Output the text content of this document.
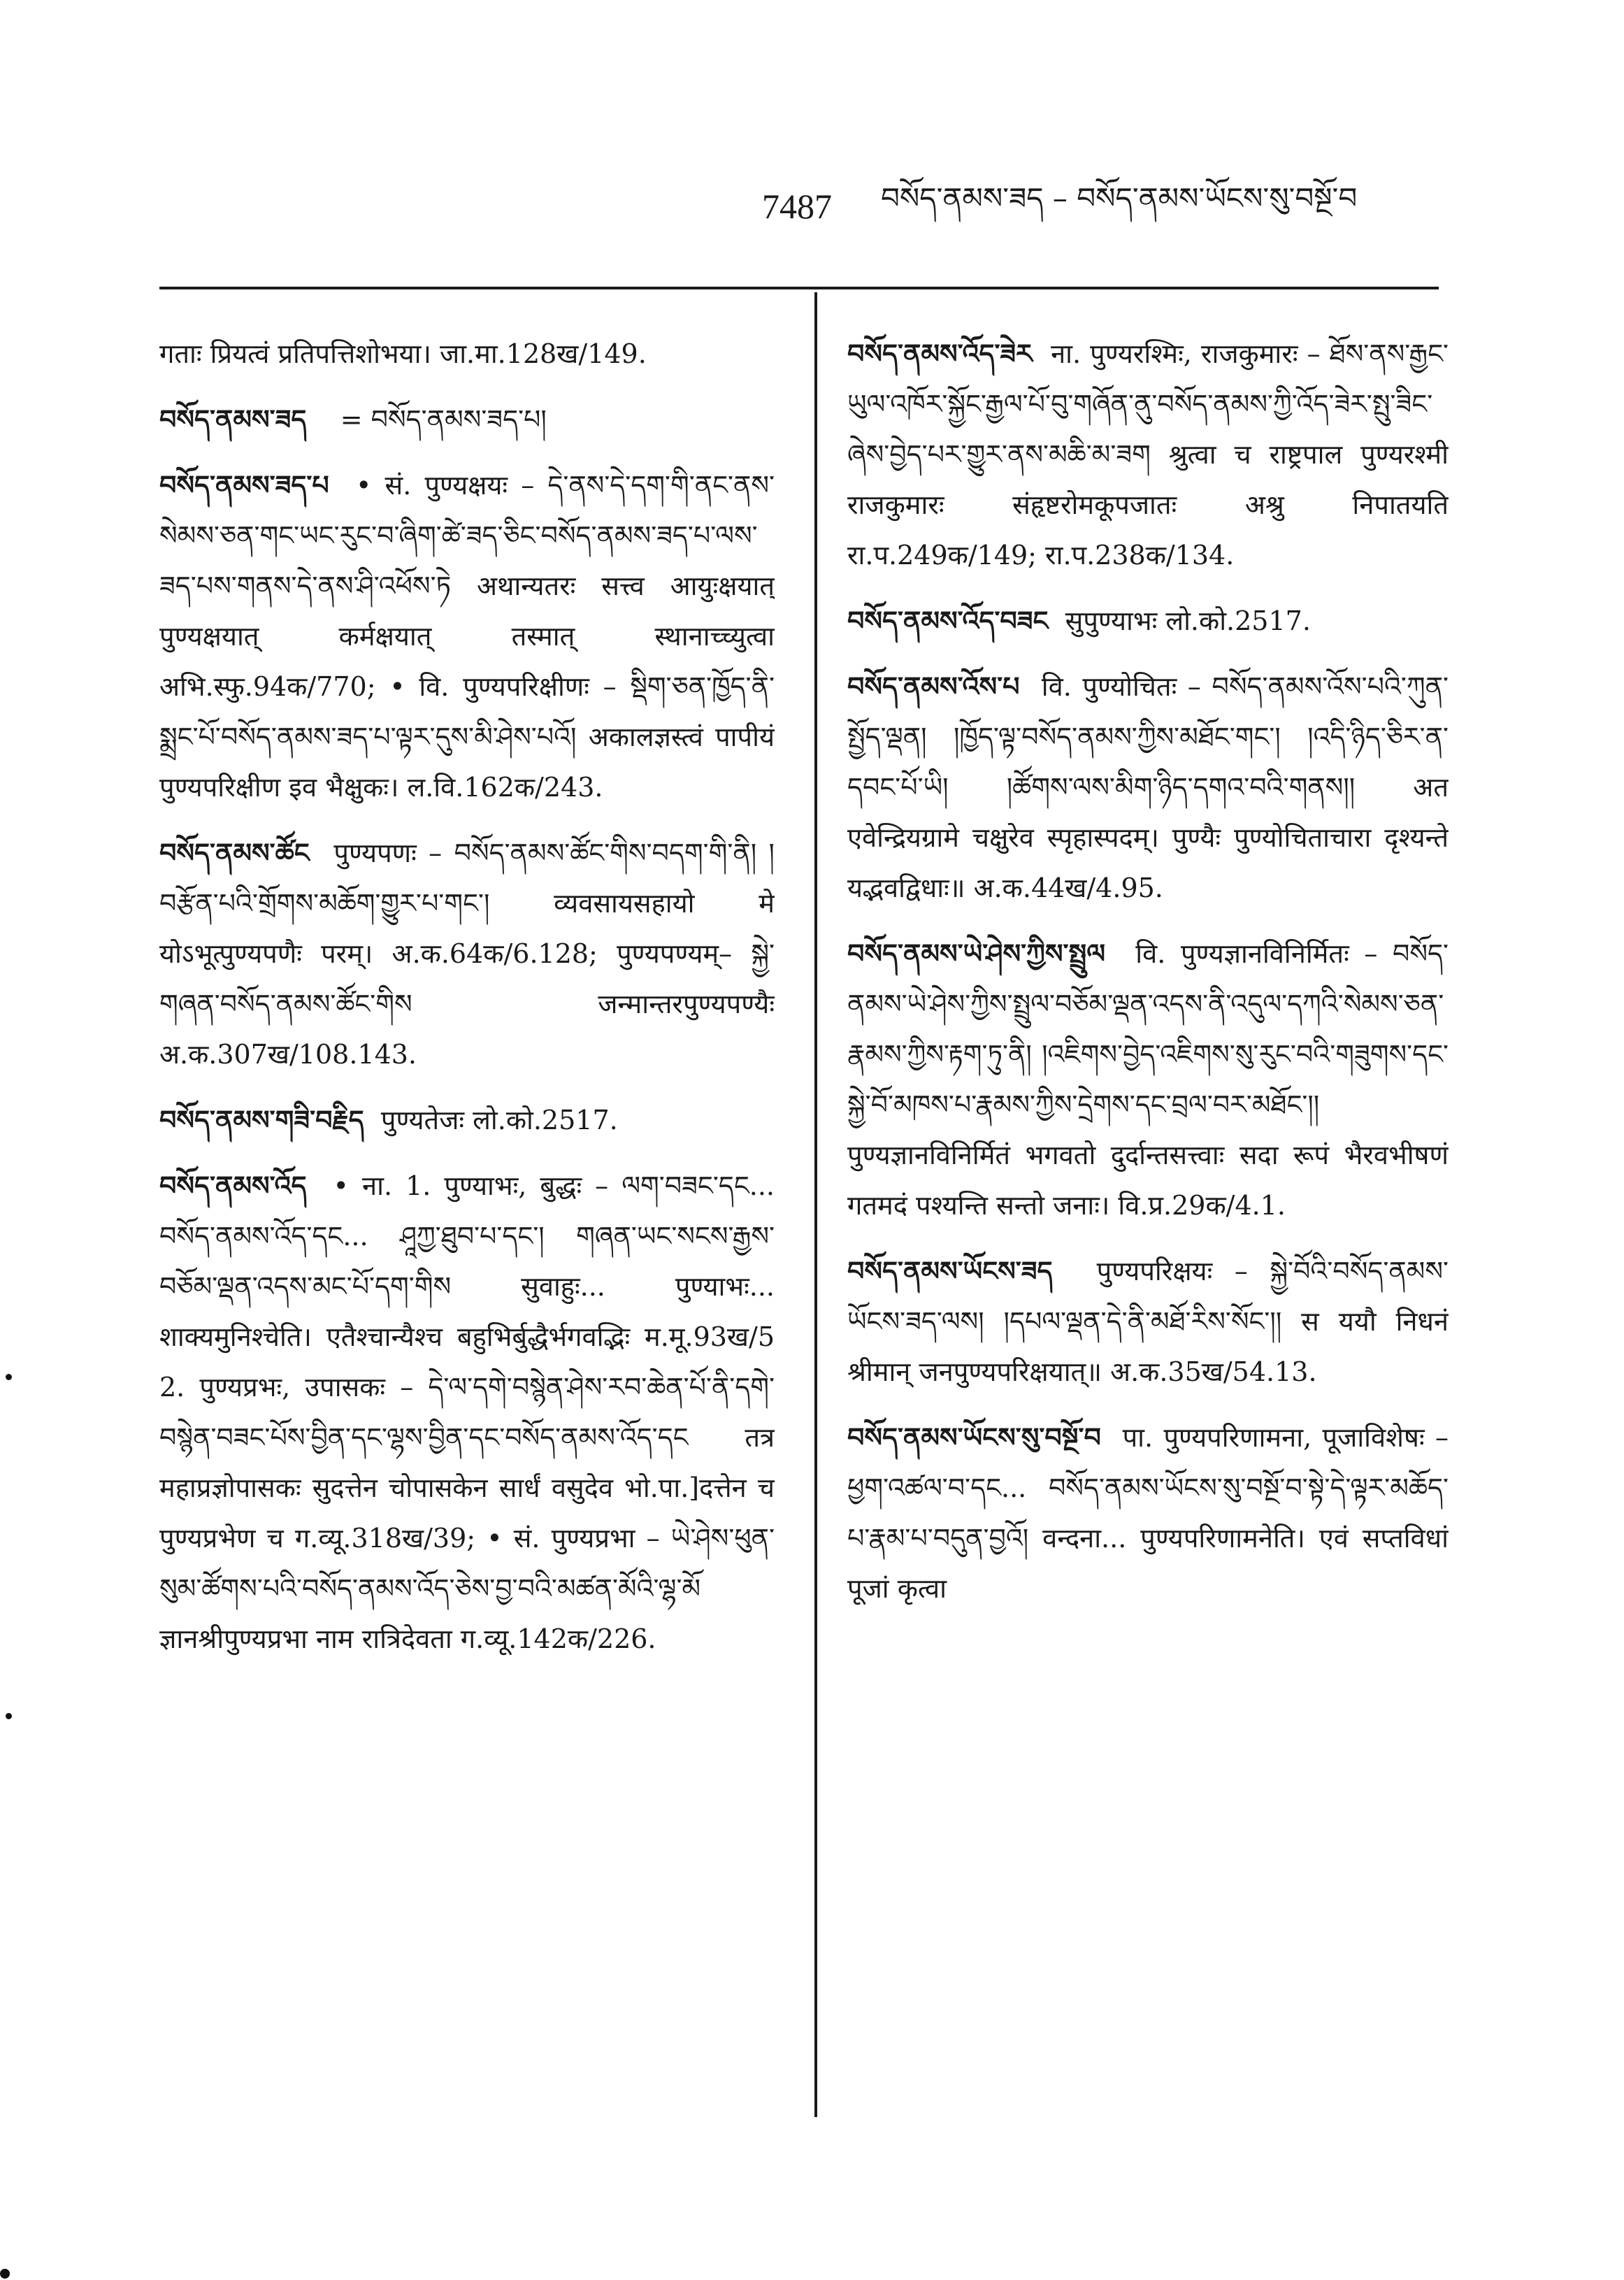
7487 བསོད་ནམས་ཟད – བསོད་ནམས་ཡོངས་སུ་བསྔོ་བ

गताः प्रियत्वं प्रतिपत्तिशोभया। जा.मा.128ख/149.

བསོད་ནམས་ཟད = བསོད་ནམས་ཟད་པ།

བསོད་ནམས་ཟད་པ • सं. पुण्यक्षयः – དེ་ནས་དེ་དག་གི་ནང་ནས་སེམས་ཅན་གང་ཡང་རུང་བ་ཞིག་ཚེ་ཟད་ཅིང་བསོད་ནམས་ཟད་པ་ལས་ཟད་པས་གནས་དེ་ནས་ཤི་འཕོས་ཏེ अथान्यतरः सत्त्व आयुःक्षयात् पुण्यक्षयात् कर्मक्षयात् तस्मात् स्थानाच्च्युत्वा अभि.स्फु.94क/770; • वि. पुण्यपरिक्षीणः – སྡིག་ཅན་ཁྱོད་ནི་སྨྲང་པོ་བསོད་ནམས་ཟད་པ་ལྟར་དུས་མི་ཤེས་པའོ། अकालज्ञस्त्वं पापीयं पुण्यपरिक्षीण इव भैक्षुकः। ल.वि.162क/243.

བསོད་ནམས་ཚོང पुण्यपणः – བསོད་ནམས་ཚོང་གིས་བདག་གི་ནི། །བརྩོན་པའི་གྲོགས་མཆོག་གྱུར་པ་གང་། व्यवसायसहायो मे योऽभूत्पुण्यपणैः परम्। अ.क.64क/6.128; पुण्यपण्यम्– སྐྱེ་གཞན་བསོད་ནམས་ཚོང་གིས जन्मान्तरपुण्यपण्यैः अ.क.307ख/108.143.

བསོད་ནམས་གཟི་བརྗིད पुण्यतेजः लो.को.2517.

བསོད་ནམས་འོད • ना. 1. पुण्याभः, बुद्धः – ལག་བཟང་དང... བསོད་ནམས་འོད་དང... ཤཱཀྱ་ཐུབ་པ་དང་། གཞན་ཡང་སངས་རྒྱས་བཅོམ་ལྡན་འདས་མང་པོ་དག་གིས सुवाहुः... पुण्याभः... शाक्यमुनिश्चेति। एतैश्चान्यैश्च बहुभिर्बुद्धैर्भगवद्भिः म.मू.93ख/5 2. पुण्यप्रभः, उपासकः – དེ་ལ་དགེ་བསྙེན་ཤེས་རབ་ཆེན་པོ་ནི་དགེ་བསྙེན་བཟང་པོས་བྱིན་དང་ལྷས་བྱིན་དང་བསོད་ནམས་འོད་དང तत्र महाप्रज्ञोपासकः सुदत्तेन चोपासकेन सार्धं वसुदेव भो.पा.]दत्तेन च पुण्यप्रभेण च ग.व्यू.318ख/39; • सं. पुण्यप्रभा – ཡེ་ཤེས་ཕུན་སུམ་ཚོགས་པའི་བསོད་ནམས་འོད་ཅེས་བྱ་བའི་མཚན་མོའི་ལྷ་མོ ज्ञानश्रीपुण्यप्रभा नाम रात्रिदेवता ग.व्यू.142क/226.

བསོད་ནམས་འོད་ཟེར ना. पुण्यरश्मिः, राजकुमारः – ཐོས་ནས་རྒྱང་ཡུལ་འཁོར་སྐྱོང་རྒྱལ་པོ་བུ་གཞོན་ནུ་བསོད་ནམས་ཀྱི་འོད་ཟེར་སྤུ་ཟིང་ཞེས་བྱེད་པར་གྱུར་ནས་མཆི་མ་ཟག श्रुत्वा च राष्ट्रपाल पुण्यरश्मी राजकुमारः संहृष्टरोमकूपजातः अश्रु निपातयति रा.प.249क/149; रा.प.238क/134.

བསོད་ནམས་འོད་བཟང सुपुण्याभः लो.को.2517.

བསོད་ནམས་འོས་པ वि. पुण्योचितः – བསོད་ནམས་འོས་པའི་ཀུན་སྤྱོད་ལྡན། །ཁྱོད་ལྟ་བསོད་ནམས་ཀྱིས་མཐོང་གང་། །འདི་ཉིད་ཅིར་ན་དབང་པོ་ཡི། །ཚོགས་ལས་མིག་ཉིད་དགའ་བའི་གནས།། अत एवेन्द्रियग्रामे चक्षुरेव स्पृहास्पदम्। पुण्यैः पुण्योचिताचारा दृश्यन्ते यद्भवद्विधाः॥ अ.क.44ख/4.95.

བསོད་ནམས་ཡེ་ཤེས་ཀྱིས་སྤྲུལ वि. पुण्यज्ञानविनिर्मितः – བསོད་ནམས་ཡེ་ཤེས་ཀྱིས་སྤྲུལ་བཅོམ་ལྡན་འདས་ནི་འདུལ་དཀའི་སེམས་ཅན་རྣམས་ཀྱིས་རྟག་ཏུ་ནི། །འཇིགས་བྱེད་འཇིགས་སུ་རུང་བའི་གཟུགས་དང་སྐྱེ་བོ་མཁས་པ་རྣམས་ཀྱིས་དྲེགས་དང་བྲལ་བར་མཐོང་།། पुण्यज्ञानविनिर्मितं भगवतो दुर्दान्तसत्त्वाः सदा रूपं भैरवभीषणं गतमदं पश्यन्ति सन्तो जनाः। वि.प्र.29क/4.1.

བསོད་ནམས་ཡོངས་ཟད पुण्यपरिक्षयः – སྐྱེ་བོའི་བསོད་ནམས་ཡོངས་ཟད་ལས། །དཔལ་ལྡན་དེ་ནི་མཐོ་རིས་སོང་།། स ययौ निधनं श्रीमान् जनपुण्यपरिक्षयात्॥ अ.क.35ख/54.13.

བསོད་ནམས་ཡོངས་སུ་བསྔོ་བ पा. पुण्यपरिणामना, पूजाविशेषः – ཕྱག་འཚལ་བ་དང... བསོད་ནམས་ཡོངས་སུ་བསྔོ་བ་སྟེ་དེ་ལྟར་མཆོད་པ་རྣམ་པ་བདུན་བྱའོ། वन्दना... पुण्यपरिणामनेति। एवं सप्तविधां पूजां कृत्वा
